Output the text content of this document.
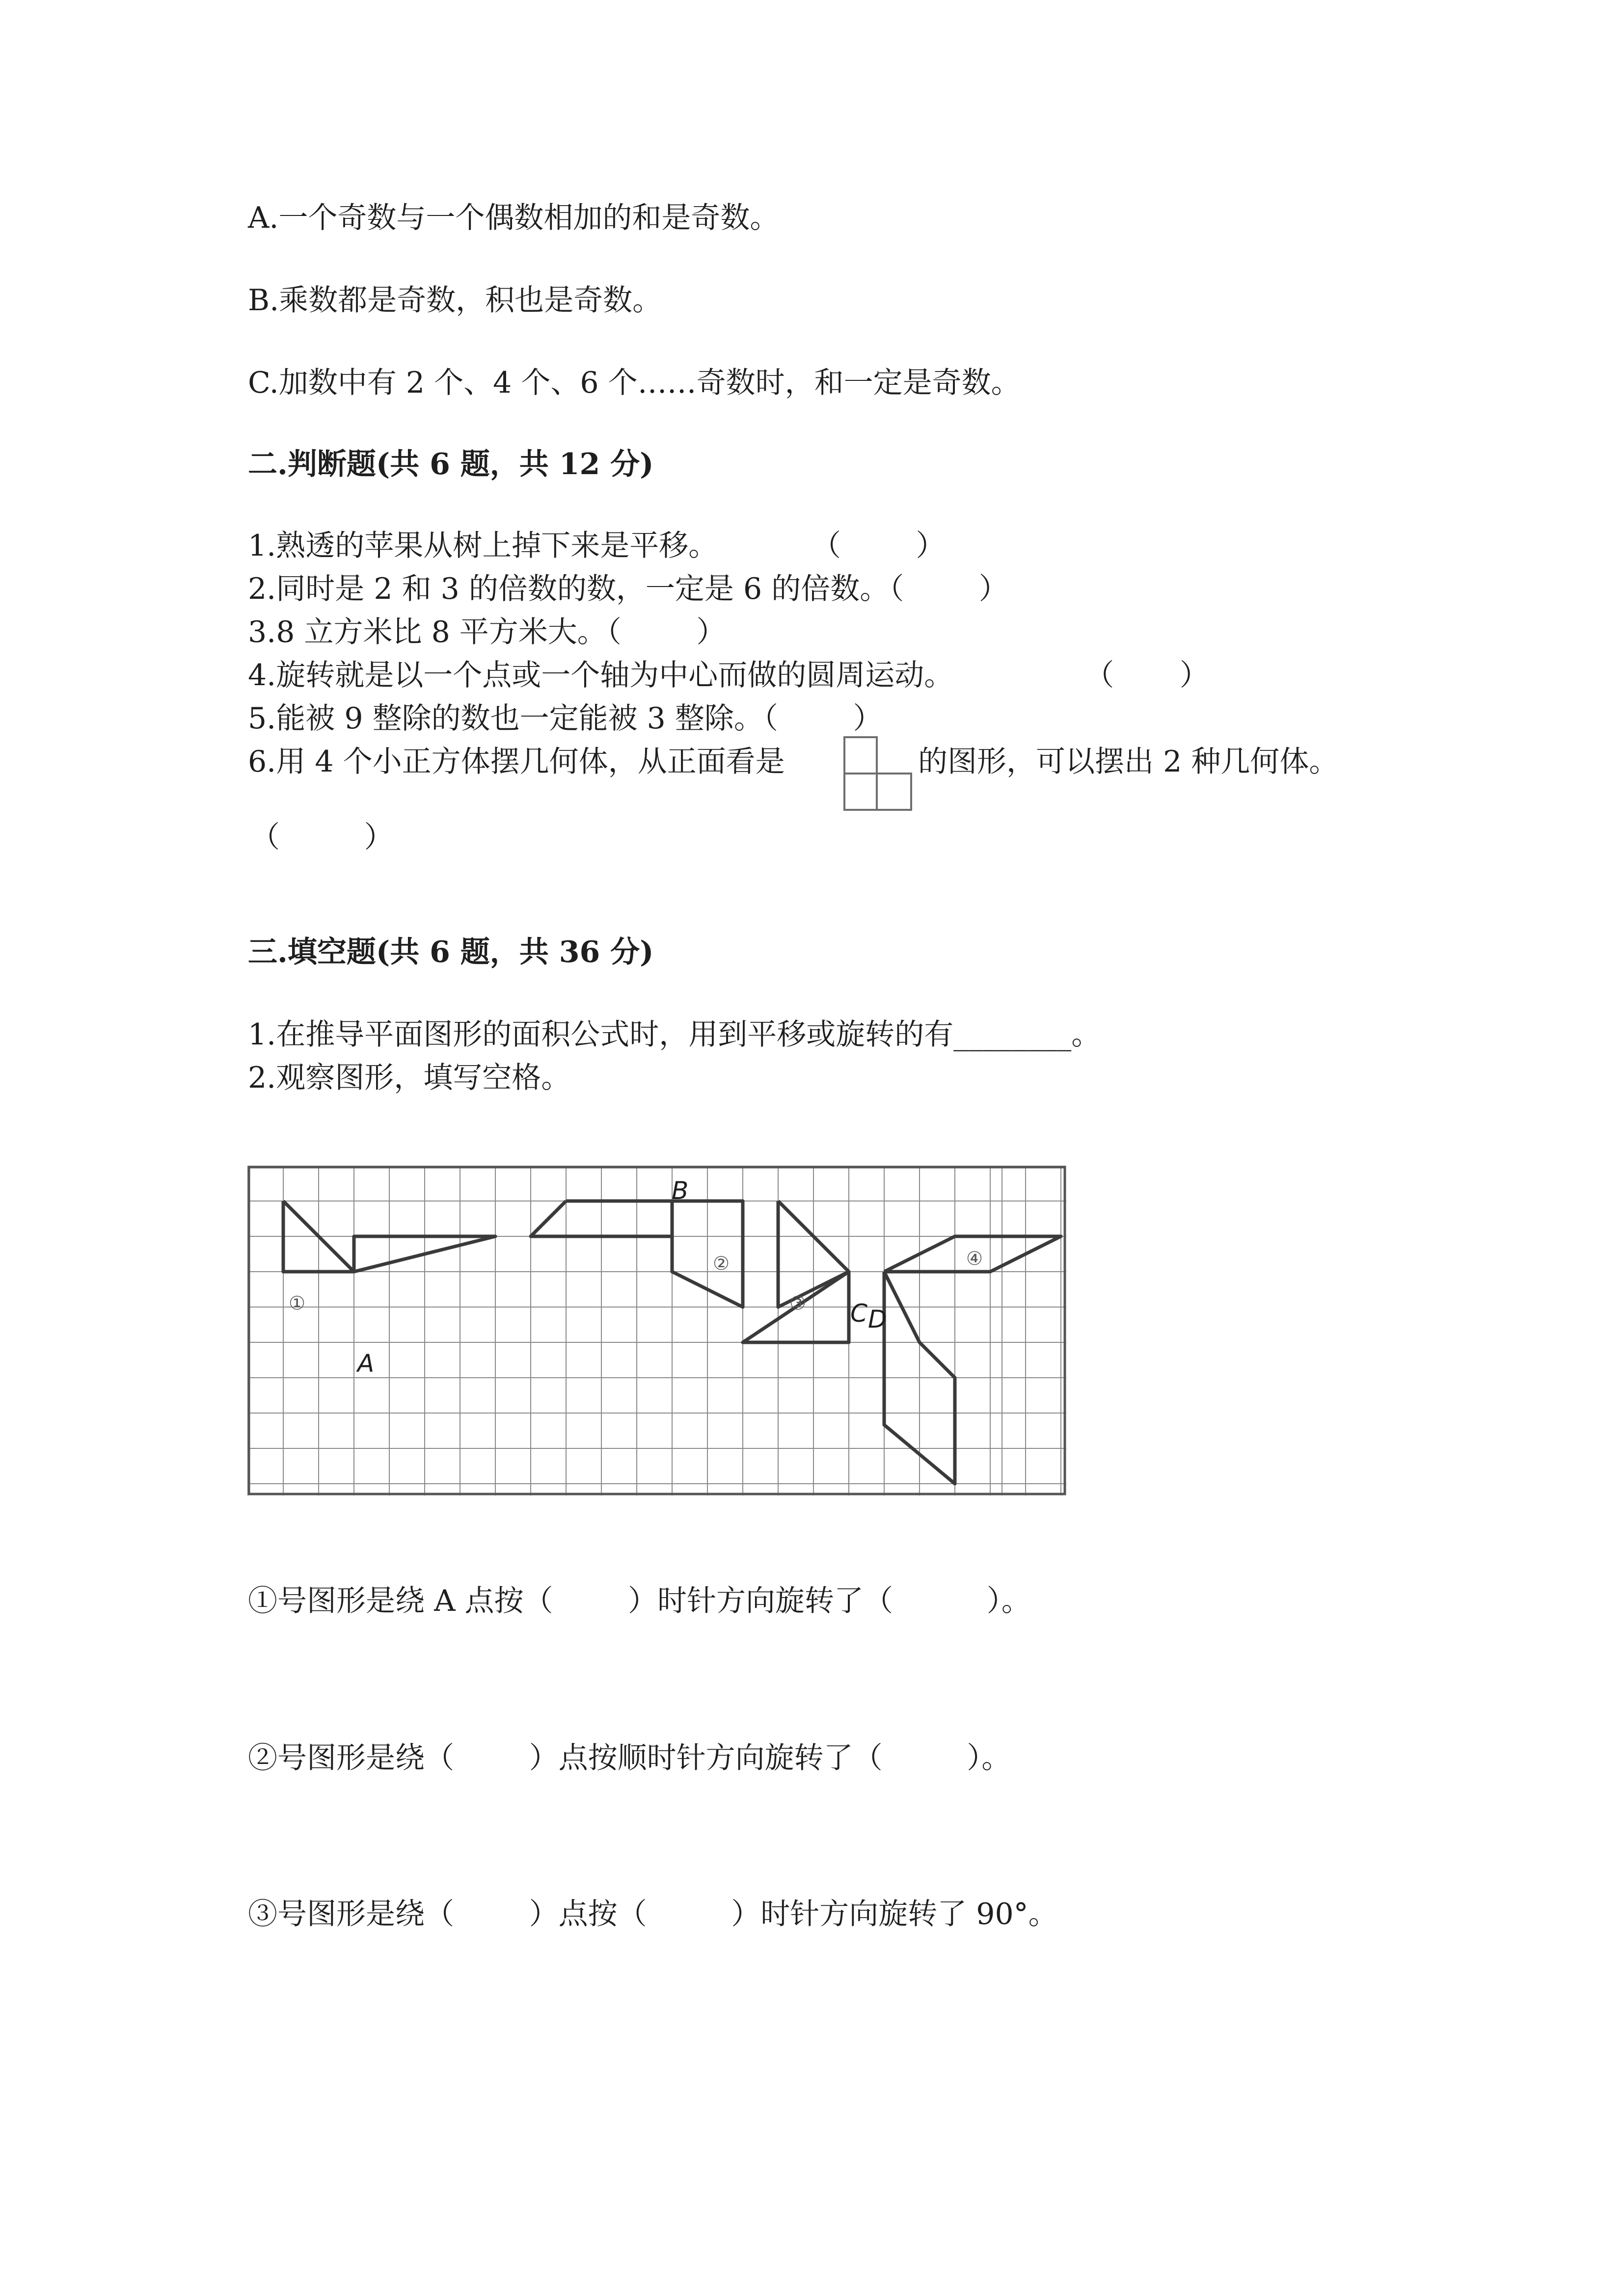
A.一个奇数与一个偶数相加的和是奇数。
B.乘数都是奇数，积也是奇数。
C.加数中有 2 个、4 个、6 个……奇数时，和一定是奇数。
二.判断题(共 6 题，共 12 分)
1.熟透的苹果从树上掉下来是平移。          （        ）
2.同时是 2 和 3 的倍数的数，一定是 6 的倍数。（        ）
3.8 立方米比 8 平方米大。（        ）
4.旋转就是以一个点或一个轴为中心而做的圆周运动。              （       ）
5.能被 9 整除的数也一定能被 3 整除。（        ）
6.用 4 个小正方体摆几何体，从正面看是	的图形，可以摆出 2 种几何体。
（         ）
三.填空题(共 6 题，共 36 分)
1.在推导平面图形的面积公式时，用到平移或旋转的有________。
2.观察图形，填写空格。
A
B
C D
①
②
③
④
①号图形是绕 A 点按（        ）时针方向旋转了（          ）。
②号图形是绕（        ）点按顺时针方向旋转了（         ）。
③号图形是绕（        ）点按（         ）时针方向旋转了 90°。
